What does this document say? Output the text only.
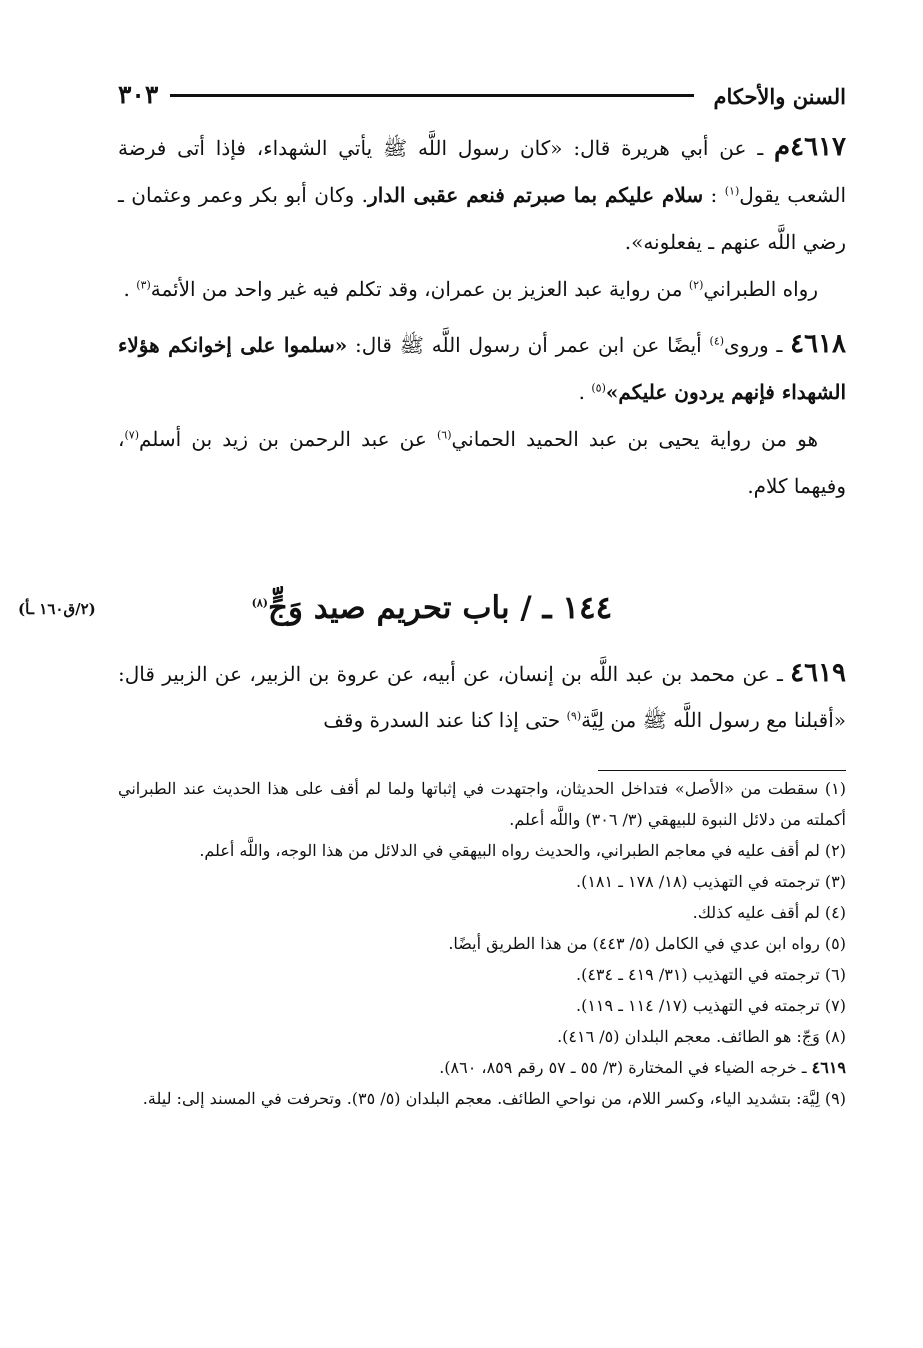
السنن والأحكام
٣٠٣

٤٦١٧م ـ عن أبي هريرة قال: «كان رسول اللَّه ﷺ يأتي الشهداء، فإذا أتى فرضة الشعب يقول$^{(١)}$ : سلام عليكم بما صبرتم فنعم عقبى الدار. وكان أبو بكر وعمر وعثمان ـ رضي اللَّه عنهم ـ يفعلونه».

رواه الطبراني$^{(٢)}$ من رواية عبد العزيز بن عمران، وقد تكلم فيه غير واحد من الأئمة$^{(٣)}$ .

٤٦١٨ ـ وروى$^{(٤)}$ أيضًا عن ابن عمر أن رسول اللَّه ﷺ قال: «سلموا على إخوانكم هؤلاء الشهداء فإنهم يردون عليكم»$^{(٥)}$ .

هو من رواية يحيى بن عبد الحميد الحماني$^{(٦)}$ عن عبد الرحمن بن زيد بن أسلم$^{(٧)}$، وفيهما كلام.

١٤٤ ـ / باب تحريم صيد وَجٍّ$^{(٨)}$
(٢/ق١٦٠ ـأ)

٤٦١٩ ـ عن محمد بن عبد اللَّه بن إنسان، عن أبيه، عن عروة بن الزبير، عن الزبير قال: «أقبلنا مع رسول اللَّه ﷺ من لِيَّة$^{(٩)}$ حتى إذا كنا عند السدرة وقف

(١) سقطت من «الأصل» فتداخل الحديثان، واجتهدت في إثباتها ولما لم أقف على هذا الحديث عند الطبراني أكملته من دلائل النبوة للبيهقي (٣/ ٣٠٦) واللَّه أعلم.

(٢) لم أقف عليه في معاجم الطبراني، والحديث رواه البيهقي في الدلائل من هذا الوجه، واللَّه أعلم.

(٣) ترجمته في التهذيب (١٨/ ١٧٨ ـ ١٨١).

(٤) لم أقف عليه كذلك.

(٥) رواه ابن عدي في الكامل (٥/ ٤٤٣) من هذا الطريق أيضًا.

(٦) ترجمته في التهذيب (٣١/ ٤١٩ ـ ٤٣٤).

(٧) ترجمته في التهذيب (١٧/ ١١٤ ـ ١١٩).

(٨) وَجّ: هو الطائف. معجم البلدان (٥/ ٤١٦).

٤٦١٩ ـ خرجه الضياء في المختارة (٣/ ٥٥ ـ ٥٧ رقم ٨٥٩، ٨٦٠).

(٩) لِيَّة: بتشديد الياء، وكسر اللام، من نواحي الطائف. معجم البلدان (٥/ ٣٥). وتحرفت في المسند إلى: ليلة.
